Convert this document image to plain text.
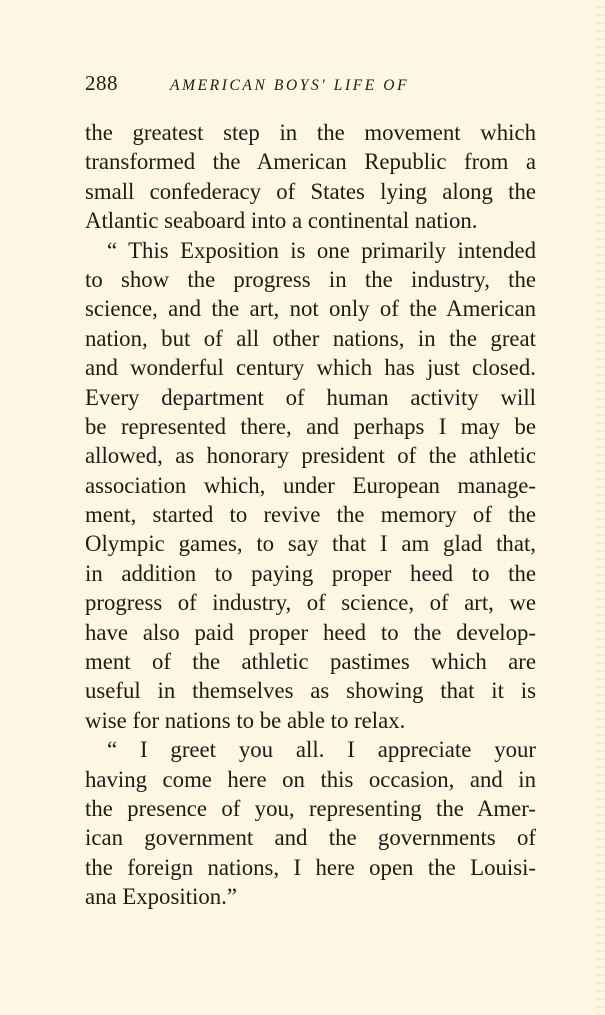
288	AMERICAN BOYS' LIFE OF
the greatest step in the movement which
transformed the American Republic from a
small confederacy of States lying along the
Atlantic seaboard into a continental nation.
“ This Exposition is one primarily intended
to show the progress in the industry, the
science, and the art, not only of the American
nation, but of all other nations, in the great
and wonderful century which has just closed.
Every department of human activity will
be represented there, and perhaps I may be
allowed, as honorary president of the athletic
association which, under European manage-
ment, started to revive the memory of the
Olympic games, to say that I am glad that,
in addition to paying proper heed to the
progress of industry, of science, of art, we
have also paid proper heed to the develop-
ment of the athletic pastimes which are
useful in themselves as showing that it is
wise for nations to be able to relax.
“ I greet you all. I appreciate your
having come here on this occasion, and in
the presence of you, representing the Amer-
ican government and the governments of
the foreign nations, I here open the Louisi-
ana Exposition.”
